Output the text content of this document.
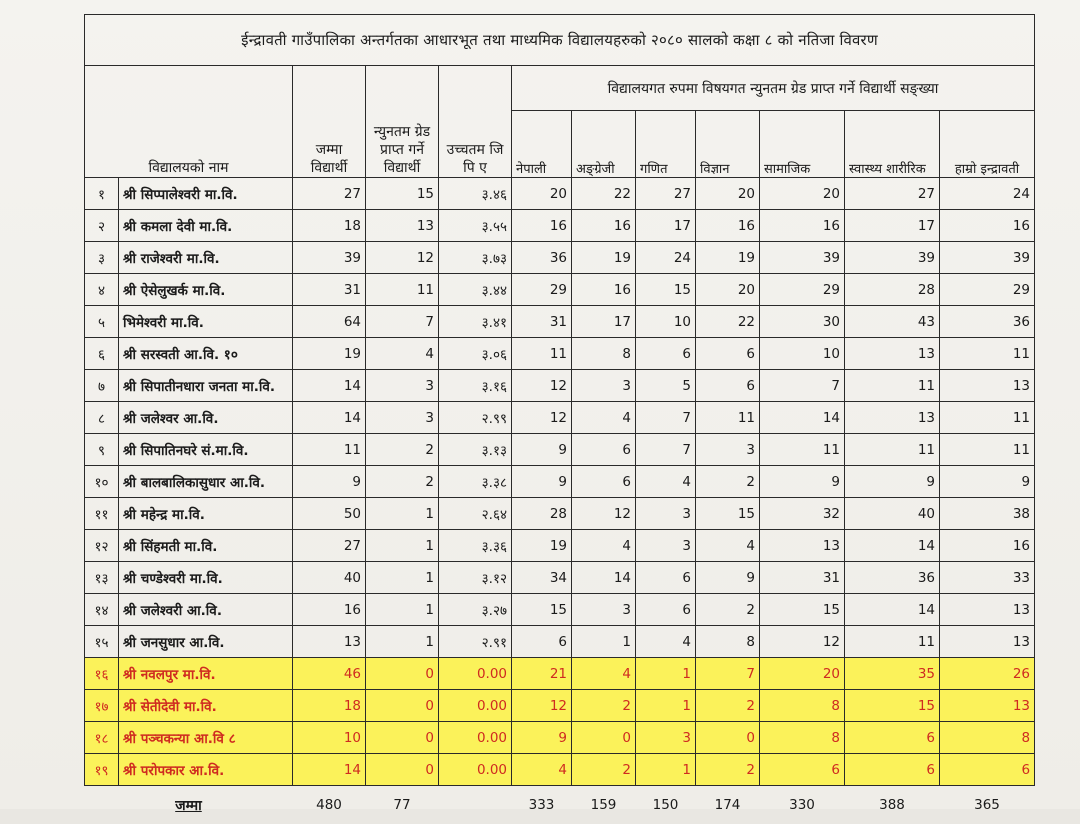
ईन्द्रावती गाउँपालिका अन्तर्गतका आधारभूत तथा माध्यमिक विद्यालयहरुको २०८० सालको कक्षा ८ को नतिजा विवरण											
विद्यालयको नाम		जम्मा विद्यार्थी	न्युनतम ग्रेड प्राप्त गर्ने विद्यार्थी	उच्चतम जि पि ए	विद्यालयगत रुपमा विषयगत न्युनतम ग्रेड प्राप्त गर्ने विद्यार्थी सङ्ख्या						
					नेपाली	अङ्ग्रेजी	गणित	विज्ञान	सामाजिक	स्वास्थ्य शारीरिक	हाम्रो इन्द्रावती
१	श्री सिप्पालेश्वरी मा.वि.	27	15	३.४६	20	22	27	20	20	27	24
२	श्री कमला देवी मा.वि.	18	13	३.५५	16	16	17	16	16	17	16
३	श्री राजेश्वरी मा.वि.	39	12	३.७३	36	19	24	19	39	39	39
४	श्री ऐसेलुखर्क मा.वि.	31	11	३.४४	29	16	15	20	29	28	29
५	भिमेश्वरी मा.वि.	64	7	३.४१	31	17	10	22	30	43	36
६	श्री सरस्वती आ.वि. १०	19	4	३.०६	11	8	6	6	10	13	11
७	श्री सिपातीनधारा जनता मा.वि.	14	3	३.१६	12	3	5	6	7	11	13
८	श्री जलेश्वर आ.वि.	14	3	२.९९	12	4	7	11	14	13	11
९	श्री सिपातिनघरे सं.मा.वि.	11	2	३.१३	9	6	7	3	11	11	11
१०	श्री बालबालिकासुधार आ.वि.	9	2	३.३८	9	6	4	2	9	9	9
११	श्री महेन्द्र मा.वि.	50	1	२.६४	28	12	3	15	32	40	38
१२	श्री सिंहमती मा.वि.	27	1	३.३६	19	4	3	4	13	14	16
१३	श्री चण्डेश्वरी मा.वि.	40	1	३.१२	34	14	6	9	31	36	33
१४	श्री जलेश्वरी आ.वि.	16	1	३.२७	15	3	6	2	15	14	13
१५	श्री जनसुधार आ.वि.	13	1	२.९१	6	1	4	8	12	11	13
१६	श्री नवलपुर मा.वि.	46	0	0.00	21	4	1	7	20	35	26
१७	श्री सेतीदेवी मा.वि.	18	0	0.00	12	2	1	2	8	15	13
१८	श्री पञ्चकन्या आ.वि ८	10	0	0.00	9	0	3	0	8	6	8
१९	श्री परोपकार आ.वि.	14	0	0.00	4	2	1	2	6	6	6
जम्मा		480	77		333	159	150	174	330	388	365
